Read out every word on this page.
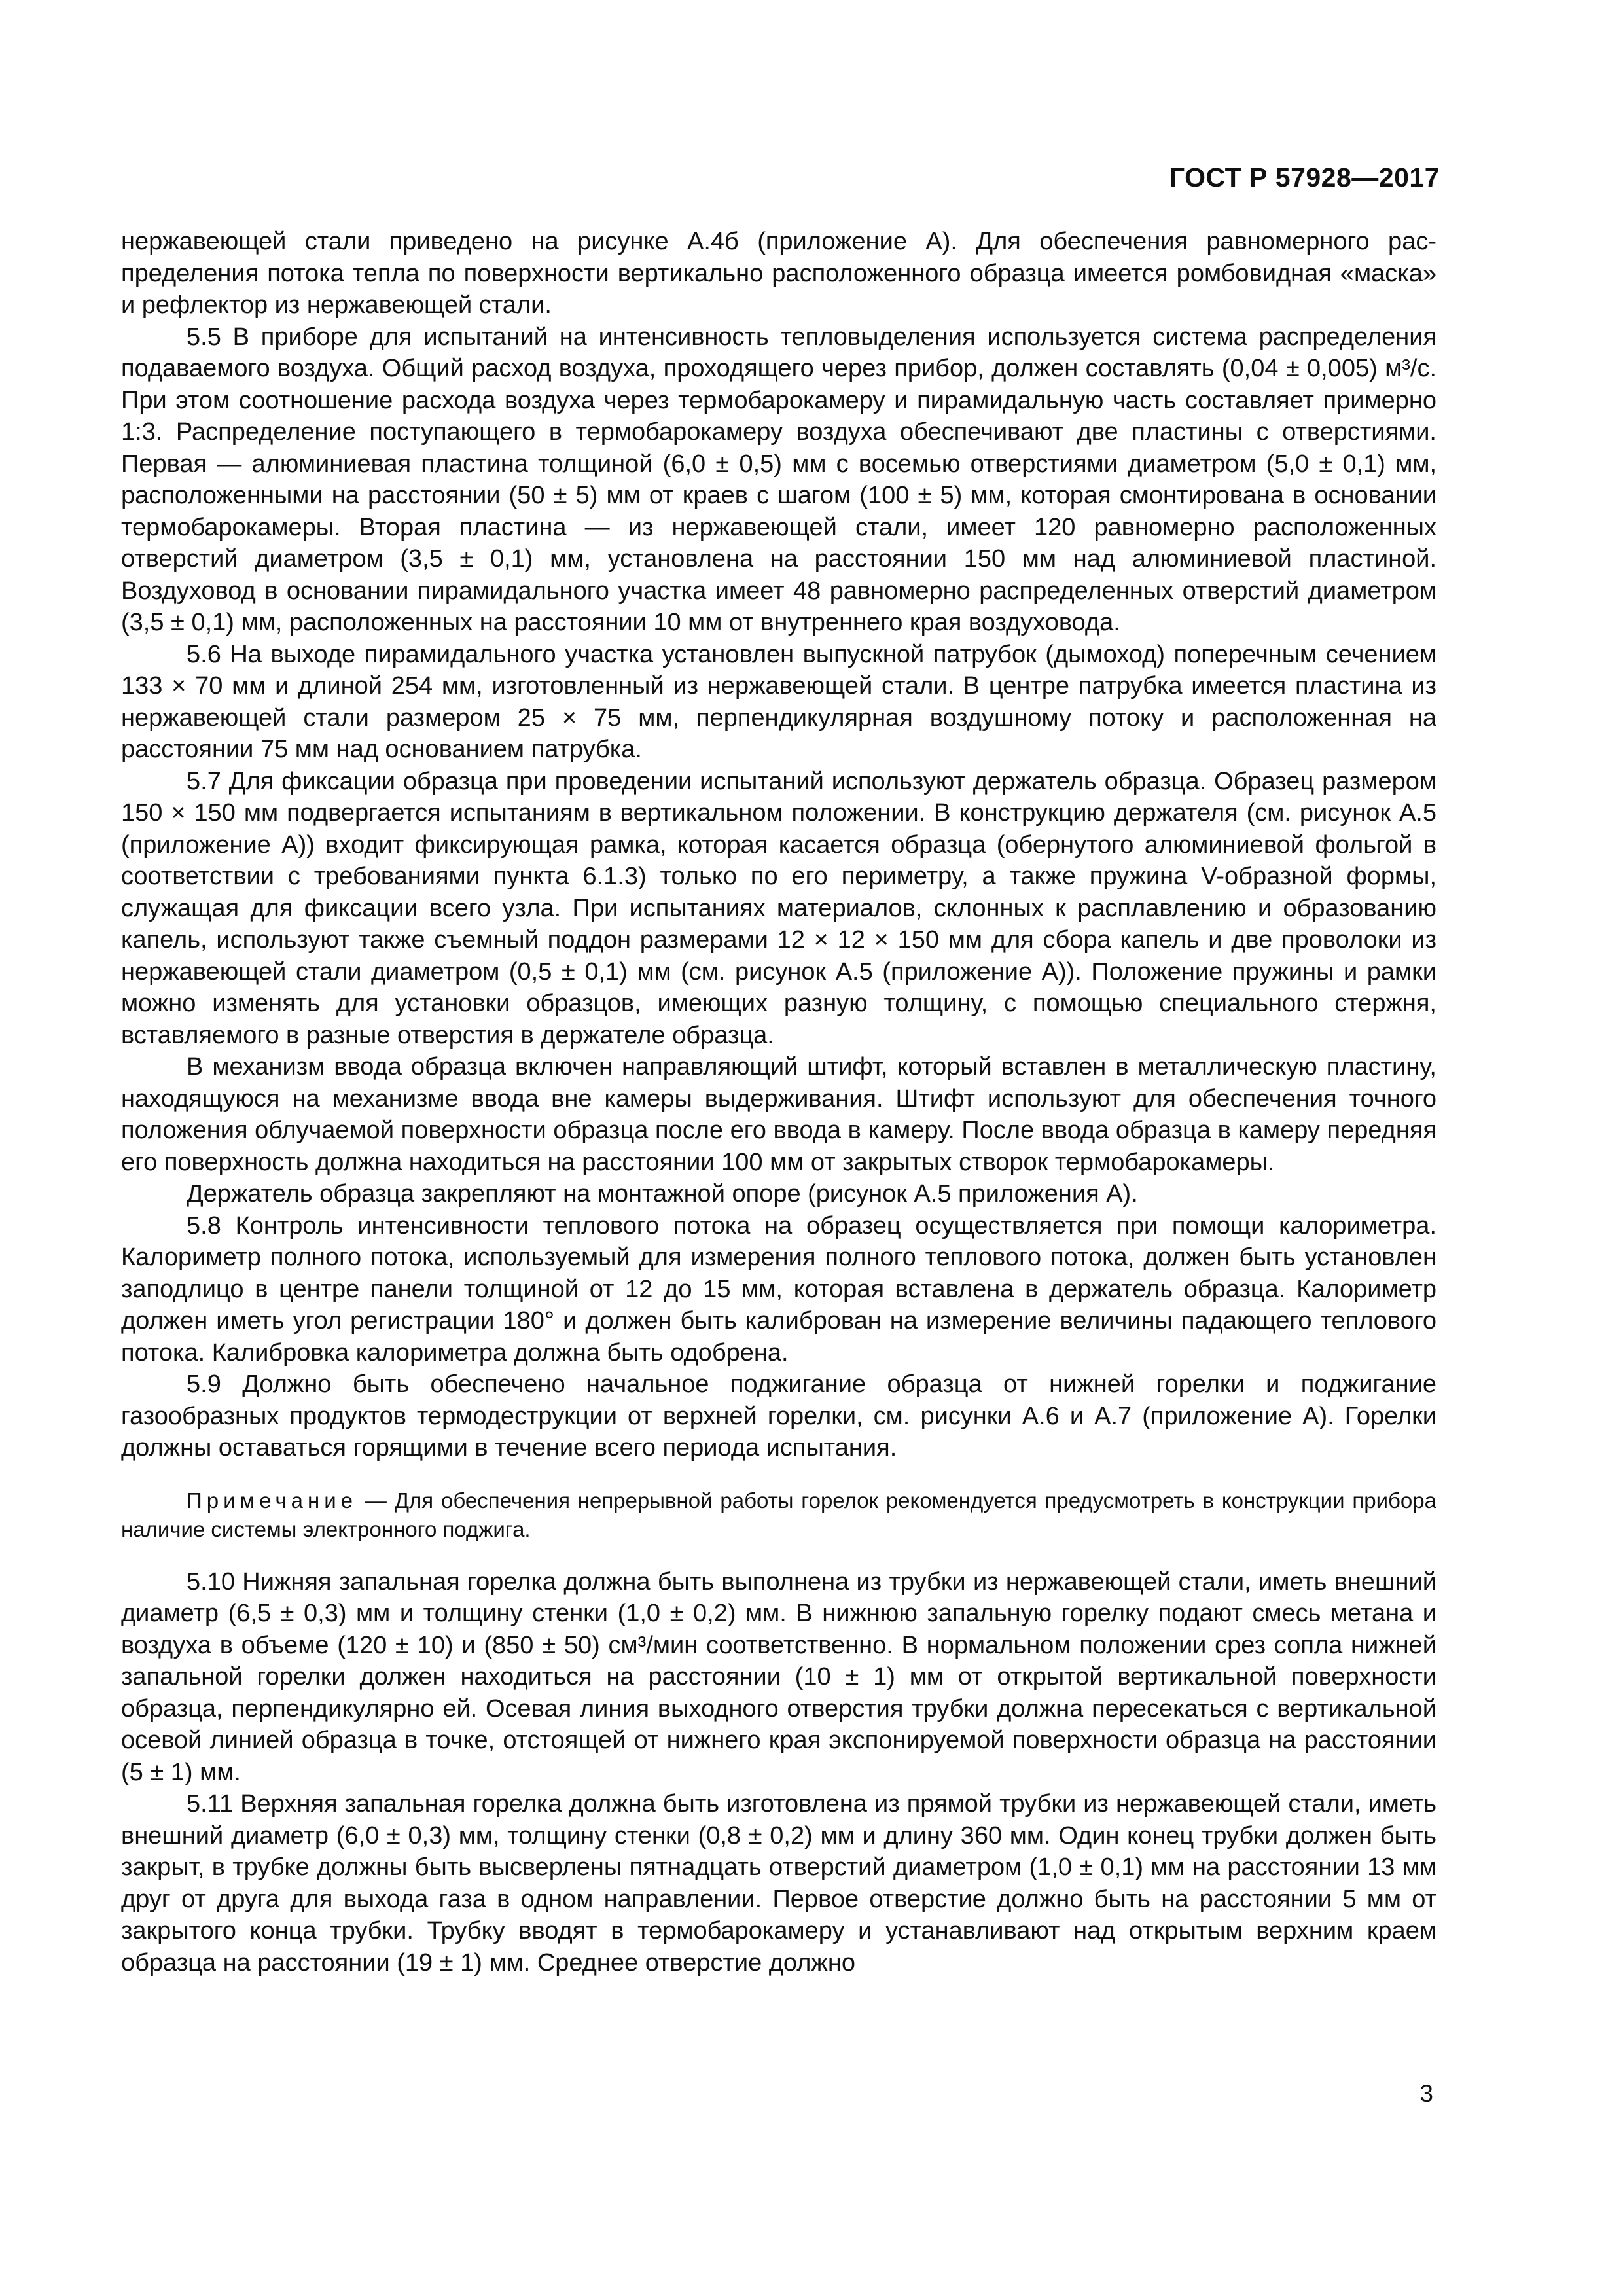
ГОСТ Р 57928—2017

нержавеющей стали приведено на рисунке А.4б (приложение А). Для обеспечения равномерного распределения потока тепла по поверхности вертикально расположенного образца имеется ромбовидная «маска» и рефлектор из нержавеющей стали.

5.5 В приборе для испытаний на интенсивность тепловыделения используется система распределения подаваемого воздуха. Общий расход воздуха, проходящего через прибор, должен составлять (0,04 ± 0,005) м³/с. При этом соотношение расхода воздуха через термобарокамеру и пирамидальную часть составляет примерно 1:3. Распределение поступающего в термобарокамеру воздуха обеспечивают две пластины с отверстиями. Первая — алюминиевая пластина толщиной (6,0 ± 0,5) мм с восемью отверстиями диаметром (5,0 ± 0,1) мм, расположенными на расстоянии (50 ± 5) мм от краев с шагом (100 ± 5) мм, которая смонтирована в основании термобарокамеры. Вторая пластина — из нержавеющей стали, имеет 120 равномерно расположенных отверстий диаметром (3,5 ± 0,1) мм, установлена на расстоянии 150 мм над алюминиевой пластиной. Воздуховод в основании пирамидального участка имеет 48 равномерно распределенных отверстий диаметром (3,5 ± 0,1) мм, расположенных на расстоянии 10 мм от внутреннего края воздуховода.

5.6 На выходе пирамидального участка установлен выпускной патрубок (дымоход) поперечным сечением 133 × 70 мм и длиной 254 мм, изготовленный из нержавеющей стали. В центре патрубка имеется пластина из нержавеющей стали размером 25 × 75 мм, перпендикулярная воздушному потоку и расположенная на расстоянии 75 мм над основанием патрубка.

5.7 Для фиксации образца при проведении испытаний используют держатель образца. Образец размером 150 × 150 мм подвергается испытаниям в вертикальном положении. В конструкцию держателя (см. рисунок А.5 (приложение А)) входит фиксирующая рамка, которая касается образца (обернутого алюминиевой фольгой в соответствии с требованиями пункта 6.1.3) только по его периметру, а также пружина V-образной формы, служащая для фиксации всего узла. При испытаниях материалов, склонных к расплавлению и образованию капель, используют также съемный поддон размерами 12 × 12 × 150 мм для сбора капель и две проволоки из нержавеющей стали диаметром (0,5 ± 0,1) мм (см. рисунок А.5 (приложение А)). Положение пружины и рамки можно изменять для установки образцов, имеющих разную толщину, с помощью специального стержня, вставляемого в разные отверстия в держателе образца.

В механизм ввода образца включен направляющий штифт, который вставлен в металлическую пластину, находящуюся на механизме ввода вне камеры выдерживания. Штифт используют для обеспечения точного положения облучаемой поверхности образца после его ввода в камеру. После ввода образца в камеру передняя его поверхность должна находиться на расстоянии 100 мм от закрытых створок термобарокамеры.

Держатель образца закрепляют на монтажной опоре (рисунок А.5 приложения А).

5.8 Контроль интенсивности теплового потока на образец осуществляется при помощи калориметра. Калориметр полного потока, используемый для измерения полного теплового потока, должен быть установлен заподлицо в центре панели толщиной от 12 до 15 мм, которая вставлена в держатель образца. Калориметр должен иметь угол регистрации 180° и должен быть калиброван на измерение величины падающего теплового потока. Калибровка калориметра должна быть одобрена.

5.9 Должно быть обеспечено начальное поджигание образца от нижней горелки и поджигание газообразных продуктов термодеструкции от верхней горелки, см. рисунки А.6 и А.7 (приложение А). Горелки должны оставаться горящими в течение всего периода испытания.

Примечание — Для обеспечения непрерывной работы горелок рекомендуется предусмотреть в конструкции прибора наличие системы электронного поджига.

5.10 Нижняя запальная горелка должна быть выполнена из трубки из нержавеющей стали, иметь внешний диаметр (6,5 ± 0,3) мм и толщину стенки (1,0 ± 0,2) мм. В нижнюю запальную горелку подают смесь метана и воздуха в объеме (120 ± 10) и (850 ± 50) см³/мин соответственно. В нормальном положении срез сопла нижней запальной горелки должен находиться на расстоянии (10 ± 1) мм от открытой вертикальной поверхности образца, перпендикулярно ей. Осевая линия выходного отверстия трубки должна пересекаться с вертикальной осевой линией образца в точке, отстоящей от нижнего края экспонируемой поверхности образца на расстоянии (5 ± 1) мм.

5.11 Верхняя запальная горелка должна быть изготовлена из прямой трубки из нержавеющей стали, иметь внешний диаметр (6,0 ± 0,3) мм, толщину стенки (0,8 ± 0,2) мм и длину 360 мм. Один конец трубки должен быть закрыт, в трубке должны быть высверлены пятнадцать отверстий диаметром (1,0 ± 0,1) мм на расстоянии 13 мм друг от друга для выхода газа в одном направлении. Первое отверстие должно быть на расстоянии 5 мм от закрытого конца трубки. Трубку вводят в термобарокамеру и устанавливают над открытым верхним краем образца на расстоянии (19 ± 1) мм. Среднее отверстие должно

3
